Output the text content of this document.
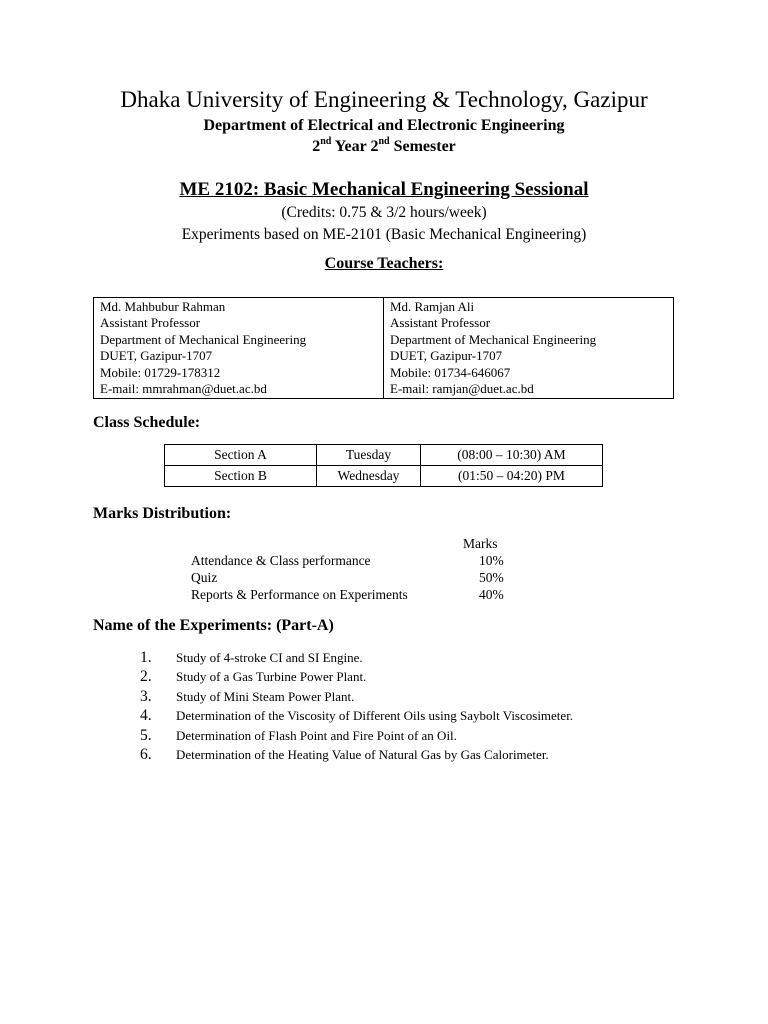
Dhaka University of Engineering & Technology, Gazipur
Department of Electrical and Electronic Engineering
2nd Year 2nd Semester
ME 2102: Basic Mechanical Engineering Sessional
(Credits: 0.75 & 3/2 hours/week)
Experiments based on ME-2101 (Basic Mechanical Engineering)
Course Teachers:
Md. Mahbubur Rahman
Assistant Professor
Department of Mechanical Engineering
DUET, Gazipur-1707
Mobile: 01729-178312
E-mail: mmrahman@duet.ac.bd

Md. Ramjan Ali
Assistant Professor
Department of Mechanical Engineering
DUET, Gazipur-1707
Mobile: 01734-646067
E-mail: ramjan@duet.ac.bd
Class Schedule:
Section A	Tuesday	(08:00 – 10:30) AM
Section B	Wednesday	(01:50 – 04:20) PM
Marks Distribution:
Marks
Attendance & Class performance	10%
Quiz	50%
Reports & Performance on Experiments	40%
Name of the Experiments: (Part-A)
1. Study of 4-stroke CI and SI Engine.
2. Study of a Gas Turbine Power Plant.
3. Study of Mini Steam Power Plant.
4. Determination of the Viscosity of Different Oils using Saybolt Viscosimeter.
5. Determination of Flash Point and Fire Point of an Oil.
6. Determination of the Heating Value of Natural Gas by Gas Calorimeter.
